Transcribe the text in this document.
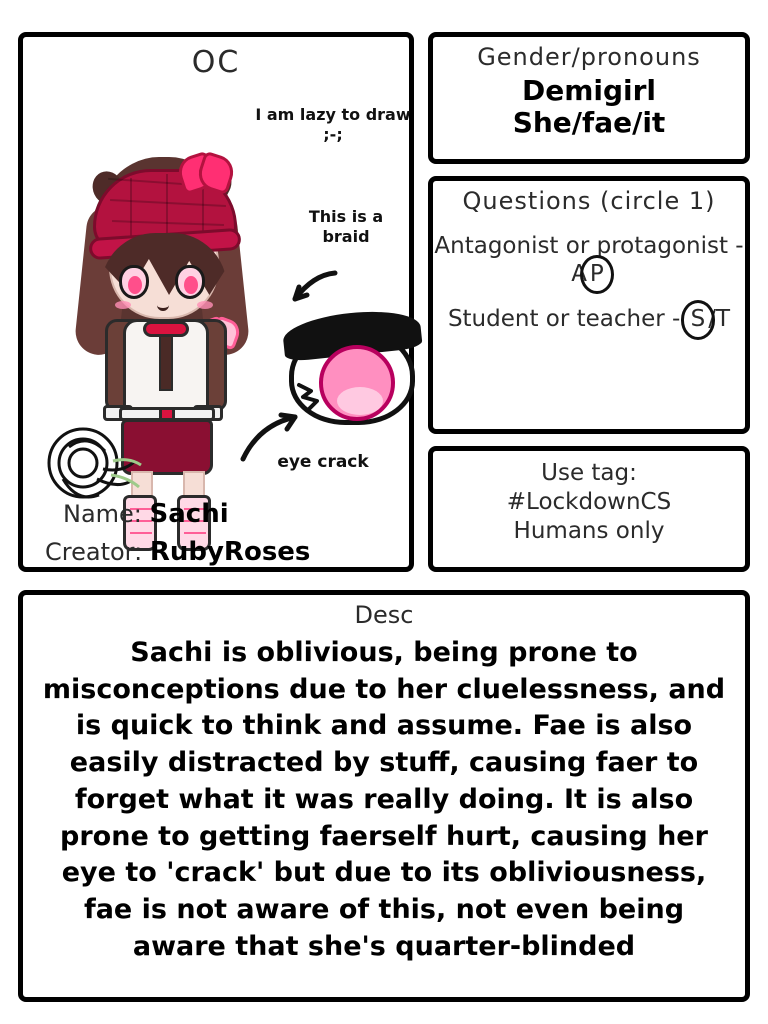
OC
I am lazy to draw ;-;
This is a braid
eye crack
Name: Sachi
Creator: RubyRoses
Gender/pronouns
Demigirl
She/fae/it
Questions (circle 1)
Antagonist or protagonist - A P
Student or teacher - S /T
Use tag:
#LockdownCS
Humans only
Desc
Sachi is oblivious, being prone to misconceptions due to her cluelessness, and is quick to think and assume. Fae is also easily distracted by stuff, causing faer to forget what it was really doing. It is also prone to getting faerself hurt, causing her eye to 'crack' but due to its obliviousness, fae is not aware of this, not even being aware that she's quarter-blinded
